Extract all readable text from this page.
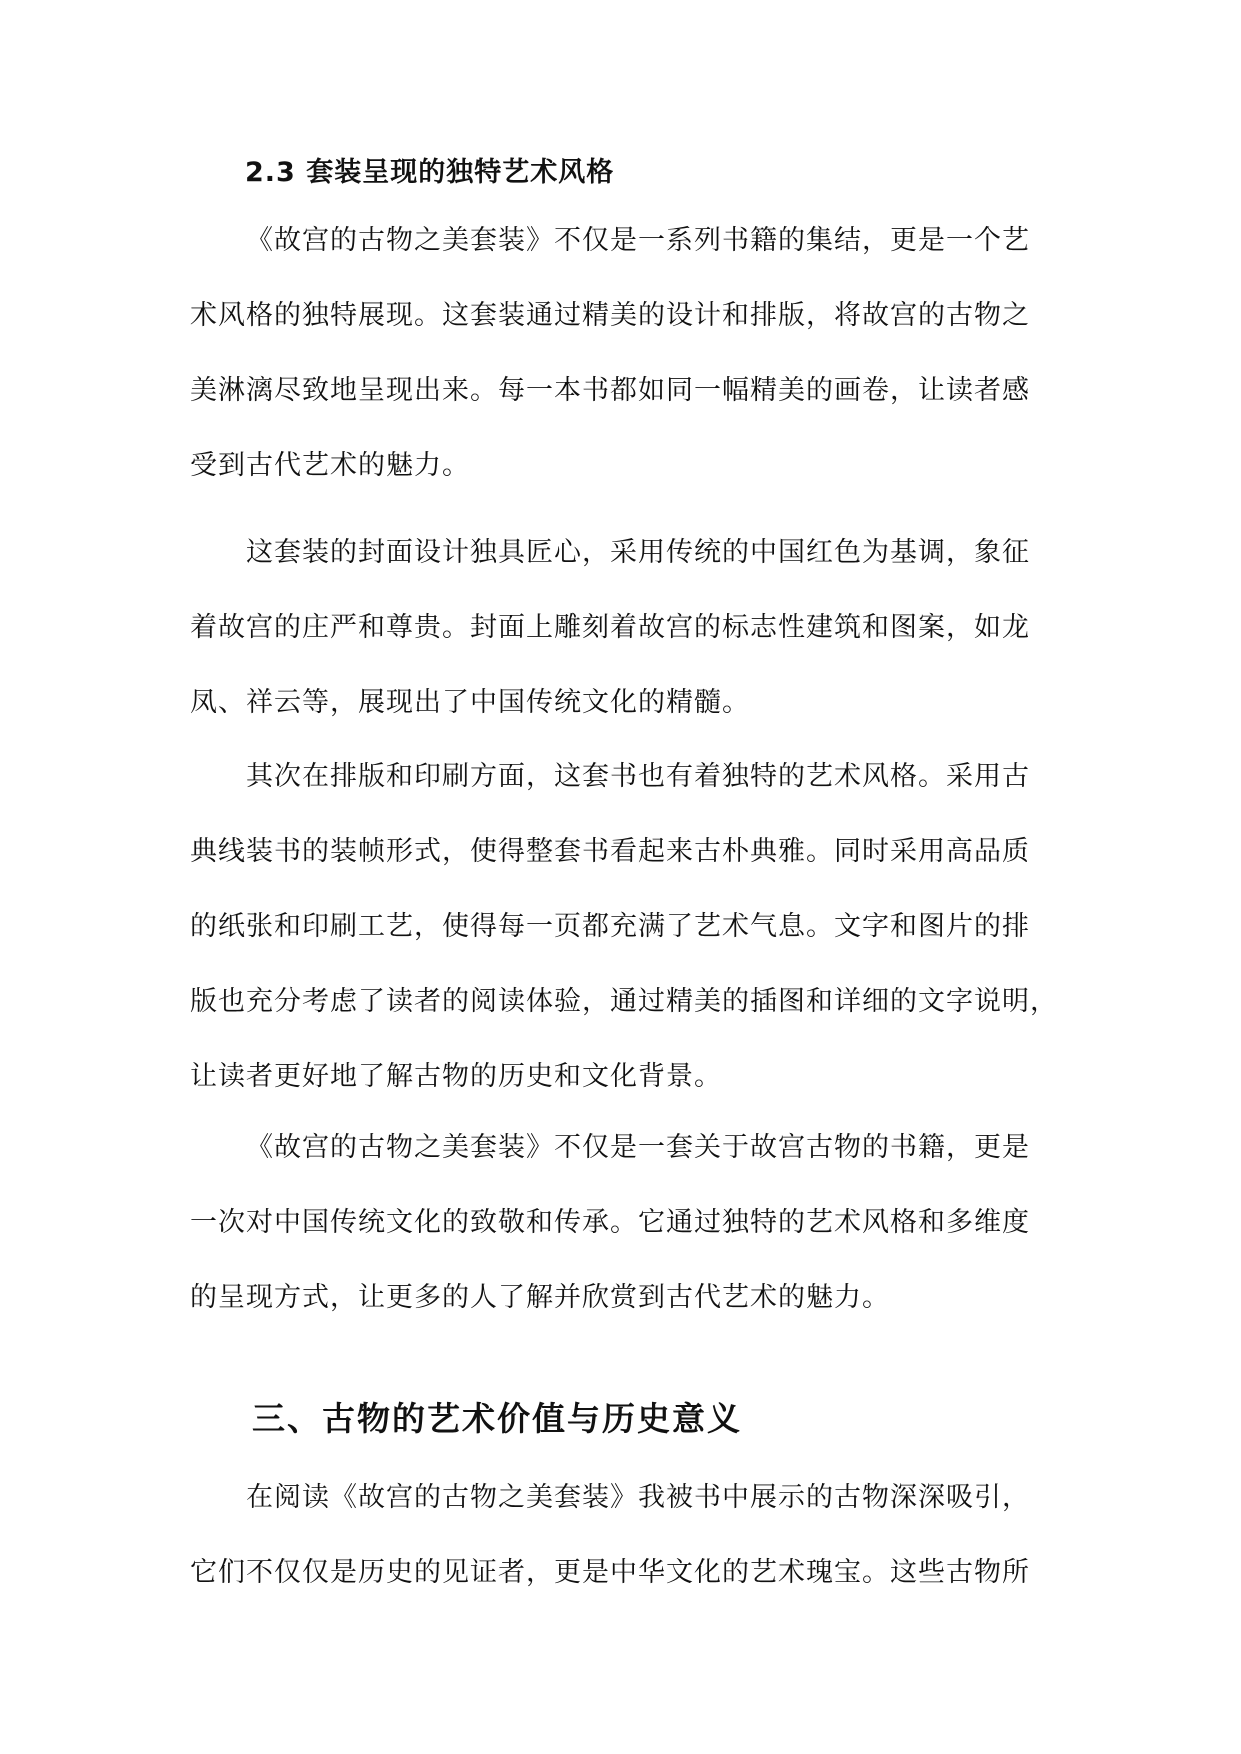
2.3 套装呈现的独特艺术风格
《故宫的古物之美套装》不仅是一系列书籍的集结，更是一个艺
术风格的独特展现。这套装通过精美的设计和排版，将故宫的古物之
美淋漓尽致地呈现出来。每一本书都如同一幅精美的画卷，让读者感
受到古代艺术的魅力。
这套装的封面设计独具匠心，采用传统的中国红色为基调，象征
着故宫的庄严和尊贵。封面上雕刻着故宫的标志性建筑和图案，如龙
凤、祥云等，展现出了中国传统文化的精髓。
其次在排版和印刷方面，这套书也有着独特的艺术风格。采用古
典线装书的装帧形式，使得整套书看起来古朴典雅。同时采用高品质
的纸张和印刷工艺，使得每一页都充满了艺术气息。文字和图片的排
版也充分考虑了读者的阅读体验，通过精美的插图和详细的文字说明，
让读者更好地了解古物的历史和文化背景。
《故宫的古物之美套装》不仅是一套关于故宫古物的书籍，更是
一次对中国传统文化的致敬和传承。它通过独特的艺术风格和多维度
的呈现方式，让更多的人了解并欣赏到古代艺术的魅力。
三、古物的艺术价值与历史意义
在阅读《故宫的古物之美套装》我被书中展示的古物深深吸引，
它们不仅仅是历史的见证者，更是中华文化的艺术瑰宝。这些古物所
